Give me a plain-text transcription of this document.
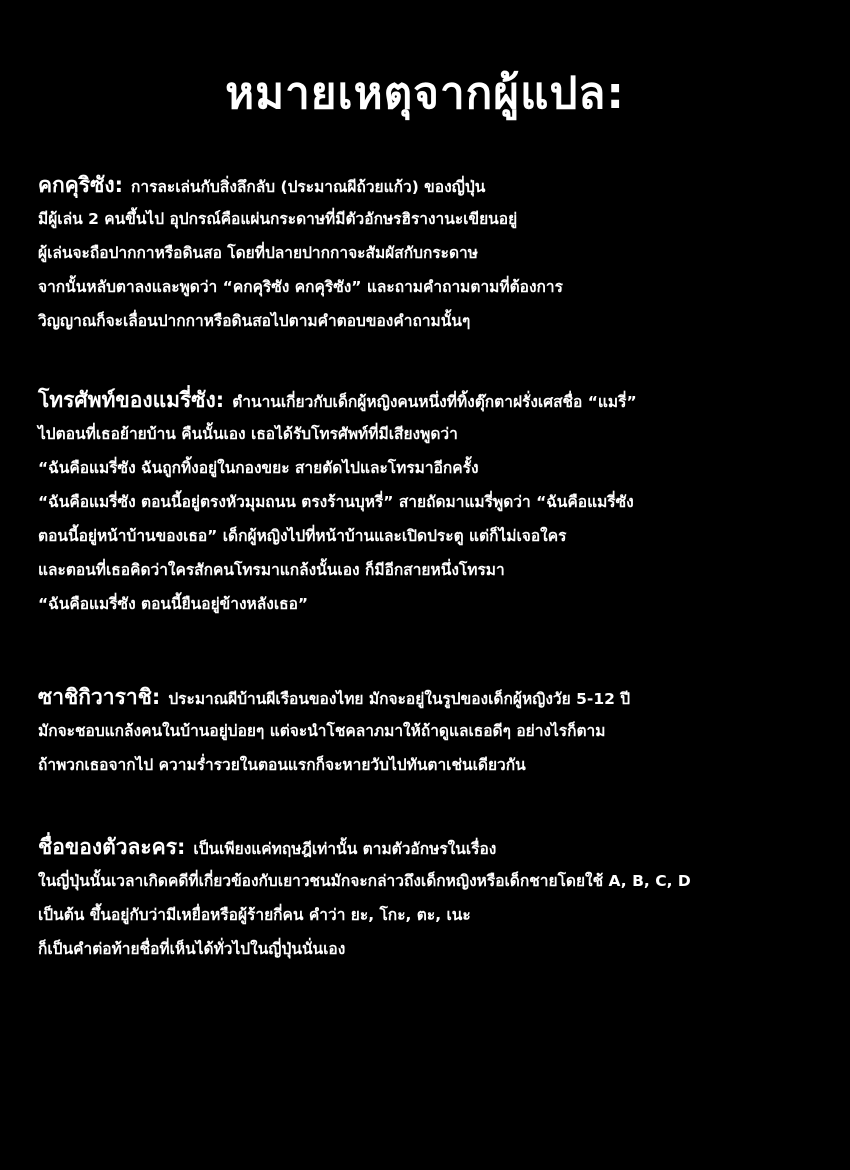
หมายเหตุจากผู้แปล:
คกคุริซัง: การละเล่นกับสิ่งลึกลับ (ประมาณผีถ้วยแก้ว) ของญี่ปุ่น
มีผู้เล่น 2 คนขึ้นไป อุปกรณ์คือแผ่นกระดาษที่มีตัวอักษรฮิรางานะเขียนอยู่
ผู้เล่นจะถือปากกาหรือดินสอ โดยที่ปลายปากกาจะสัมผัสกับกระดาษ
จากนั้นหลับตาลงและพูดว่า “คกคุริซัง คกคุริซัง” และถามคำถามตามที่ต้องการ
วิญญาณก็จะเลื่อนปากกาหรือดินสอไปตามคำตอบของคำถามนั้นๆ
โทรศัพท์ของแมรี่ซัง: ตำนานเกี่ยวกับเด็กผู้หญิงคนหนึ่งที่ทิ้งตุ๊กตาฝรั่งเศสชื่อ “แมรี่”
ไปตอนที่เธอย้ายบ้าน คืนนั้นเอง เธอได้รับโทรศัพท์ที่มีเสียงพูดว่า
“ฉันคือแมรี่ซัง ฉันถูกทิ้งอยู่ในกองขยะ สายตัดไปและโทรมาอีกครั้ง
“ฉันคือแมรี่ซัง ตอนนี้อยู่ตรงหัวมุมถนน ตรงร้านบุหรี่” สายถัดมาแมรี่พูดว่า “ฉันคือแมรี่ซัง
ตอนนี้อยู่หน้าบ้านของเธอ” เด็กผู้หญิงไปที่หน้าบ้านและเปิดประตู แต่ก็ไม่เจอใคร
และตอนที่เธอคิดว่าใครสักคนโทรมาแกล้งนั้นเอง ก็มีอีกสายหนึ่งโทรมา
“ฉันคือแมรี่ซัง ตอนนี้ยืนอยู่ข้างหลังเธอ”
ซาชิกิวาราชิ: ประมาณผีบ้านผีเรือนของไทย มักจะอยู่ในรูปของเด็กผู้หญิงวัย 5-12 ปี
มักจะชอบแกล้งคนในบ้านอยู่บ่อยๆ แต่จะนำโชคลาภมาให้ถ้าดูแลเธอดีๆ อย่างไรก็ตาม
ถ้าพวกเธอจากไป ความร่ำรวยในตอนแรกก็จะหายวับไปทันตาเช่นเดียวกัน
ชื่อของตัวละคร: เป็นเพียงแค่ทฤษฎีเท่านั้น ตามตัวอักษรในเรื่อง
ในญี่ปุ่นนั้นเวลาเกิดคดีที่เกี่ยวข้องกับเยาวชนมักจะกล่าวถึงเด็กหญิงหรือเด็กชายโดยใช้ A, B, C, D
เป็นต้น ขึ้นอยู่กับว่ามีเหยื่อหรือผู้ร้ายกี่คน คำว่า ยะ, โกะ, ตะ, เนะ
ก็เป็นคำต่อท้ายชื่อที่เห็นได้ทั่วไปในญี่ปุ่นนั่นเอง
